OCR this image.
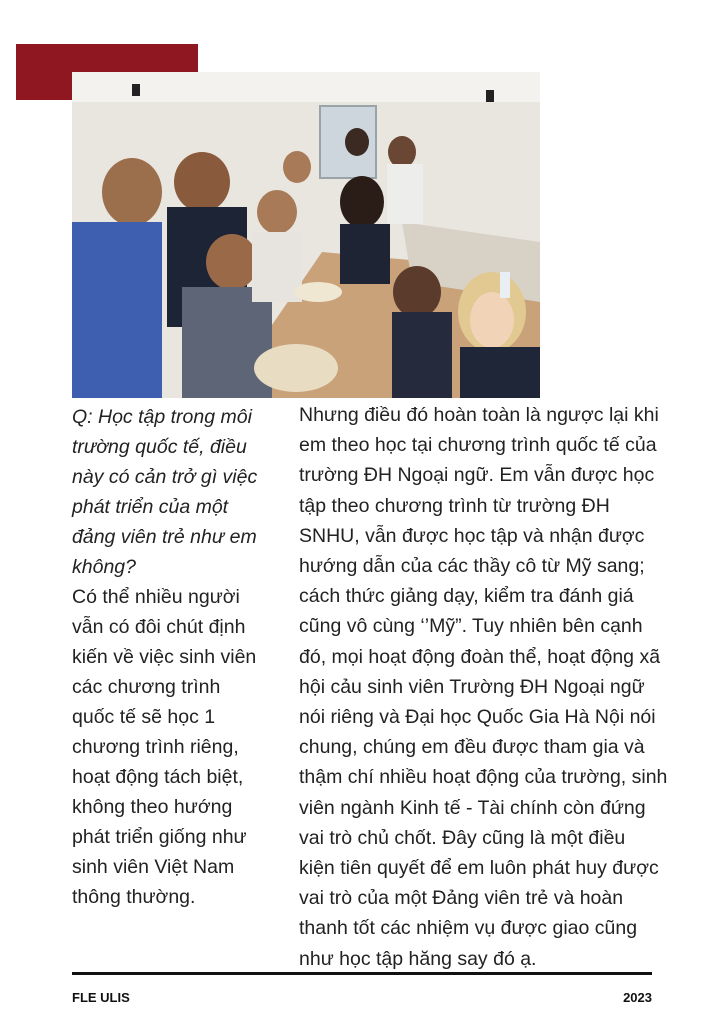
Q: Học tập trong môi
trường quốc tế, điều
này có cản trở gì việc
phát triển của một
đảng viên trẻ như em
không?
Có thể nhiều người
vẫn có đôi chút định
kiến về việc sinh viên
các chương trình
quốc tế sẽ học 1
chương trình riêng,
hoạt động tách biệt,
không theo hướng
phát triển giống như
sinh viên Việt Nam
thông thường.
Nhưng điều đó hoàn toàn là ngược lại khi
em theo học tại chương trình quốc tế của
trường ĐH Ngoại ngữ. Em vẫn được học
tập theo chương trình từ trường ĐH
SNHU, vẫn được học tập và nhận được
hướng dẫn của các thầy cô từ Mỹ sang;
cách thức giảng dạy, kiểm tra đánh giá
cũng vô cùng ‘’Mỹ”. Tuy nhiên bên cạnh
đó, mọi hoạt động đoàn thể, hoạt động xã
hội cảu sinh viên Trường ĐH Ngoại ngữ
nói riêng và Đại học Quốc Gia Hà Nội nói
chung, chúng em đều được tham gia và
thậm chí nhiều hoạt động của trường, sinh
viên ngành Kinh tế - Tài chính còn đứng
vai trò chủ chốt. Đây cũng là một điều
kiện tiên quyết để em luôn phát huy được
vai trò của một Đảng viên trẻ và hoàn
thanh tốt các nhiệm vụ được giao cũng
như học tập hăng say đó ạ.
FLE ULIS	2023
